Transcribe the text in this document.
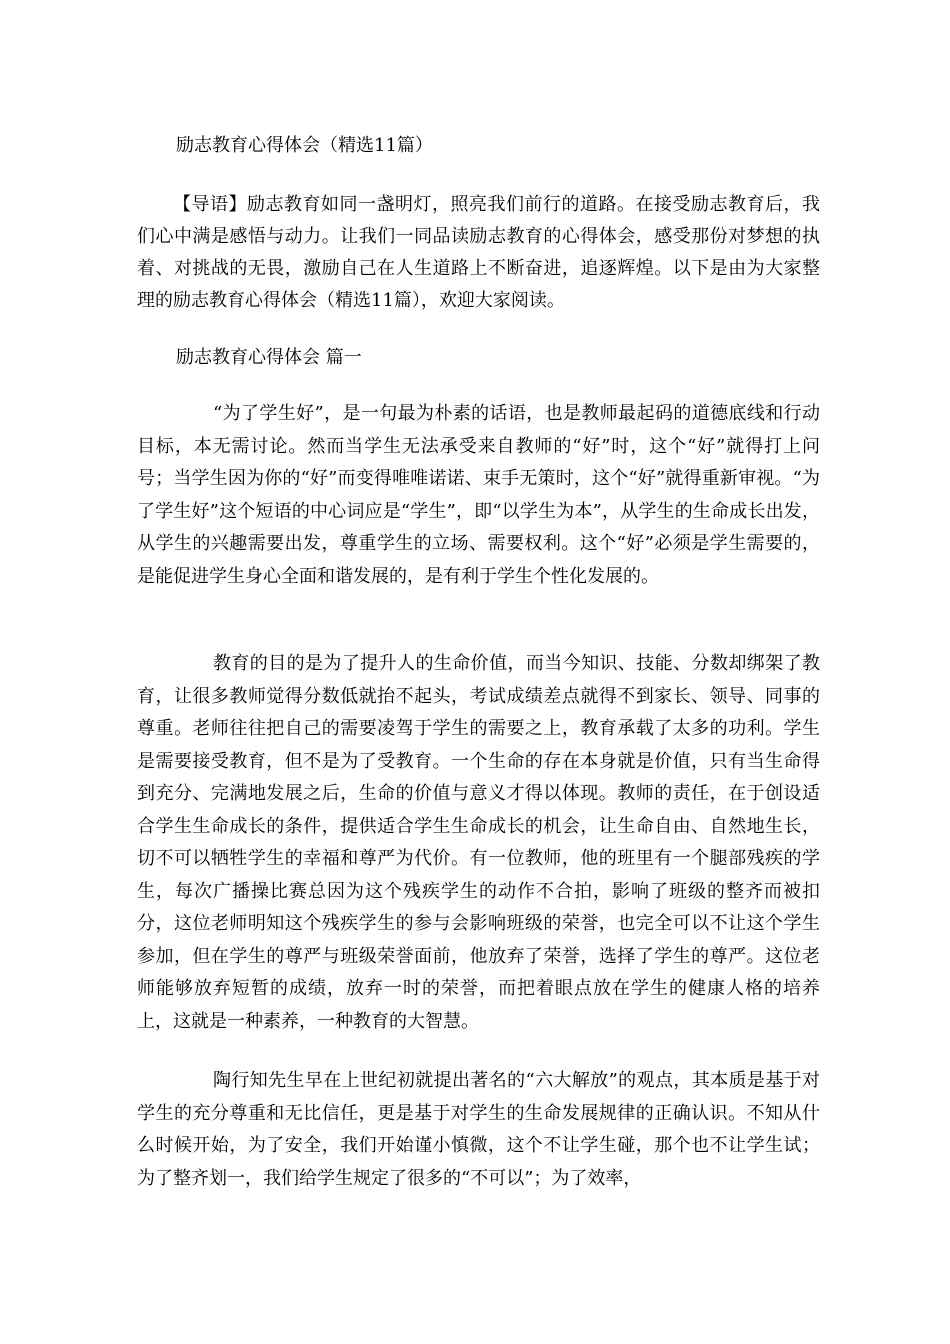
励志教育心得体会（精选11篇）

【导语】励志教育如同一盏明灯，照亮我们前行的道路。在接受励志教育后，我们心中满是感悟与动力。让我们一同品读励志教育的心得体会，感受那份对梦想的执着、对挑战的无畏，激励自己在人生道路上不断奋进，追逐辉煌。以下是由为大家整理的励志教育心得体会（精选11篇），欢迎大家阅读。

励志教育心得体会 篇一

“为了学生好”，是一句最为朴素的话语，也是教师最起码的道德底线和行动目标，本无需讨论。然而当学生无法承受来自教师的“好”时，这个“好”就得打上问号；当学生因为你的“好”而变得唯唯诺诺、束手无策时，这个“好”就得重新审视。“为了学生好”这个短语的中心词应是“学生”，即“以学生为本”，从学生的生命成长出发，从学生的兴趣需要出发，尊重学生的立场、需要权利。这个“好”必须是学生需要的，是能促进学生身心全面和谐发展的，是有利于学生个性化发展的。

教育的目的是为了提升人的生命价值，而当今知识、技能、分数却绑架了教育，让很多教师觉得分数低就抬不起头，考试成绩差点就得不到家长、领导、同事的尊重。老师往往把自己的需要凌驾于学生的需要之上，教育承载了太多的功利。学生是需要接受教育，但不是为了受教育。一个生命的存在本身就是价值，只有当生命得到充分、完满地发展之后，生命的价值与意义才得以体现。教师的责任，在于创设适合学生生命成长的条件，提供适合学生生命成长的机会，让生命自由、自然地生长，切不可以牺牲学生的幸福和尊严为代价。有一位教师，他的班里有一个腿部残疾的学生，每次广播操比赛总因为这个残疾学生的动作不合拍，影响了班级的整齐而被扣分，这位老师明知这个残疾学生的参与会影响班级的荣誉，也完全可以不让这个学生参加，但在学生的尊严与班级荣誉面前，他放弃了荣誉，选择了学生的尊严。这位老师能够放弃短暂的成绩，放弃一时的荣誉，而把着眼点放在学生的健康人格的培养上，这就是一种素养，一种教育的大智慧。

陶行知先生早在上世纪初就提出著名的“六大解放”的观点，其本质是基于对学生的充分尊重和无比信任，更是基于对学生的生命发展规律的正确认识。不知从什么时候开始，为了安全，我们开始谨小慎微，这个不让学生碰，那个也不让学生试；为了整齐划一，我们给学生规定了很多的“不可以”；为了效率，
